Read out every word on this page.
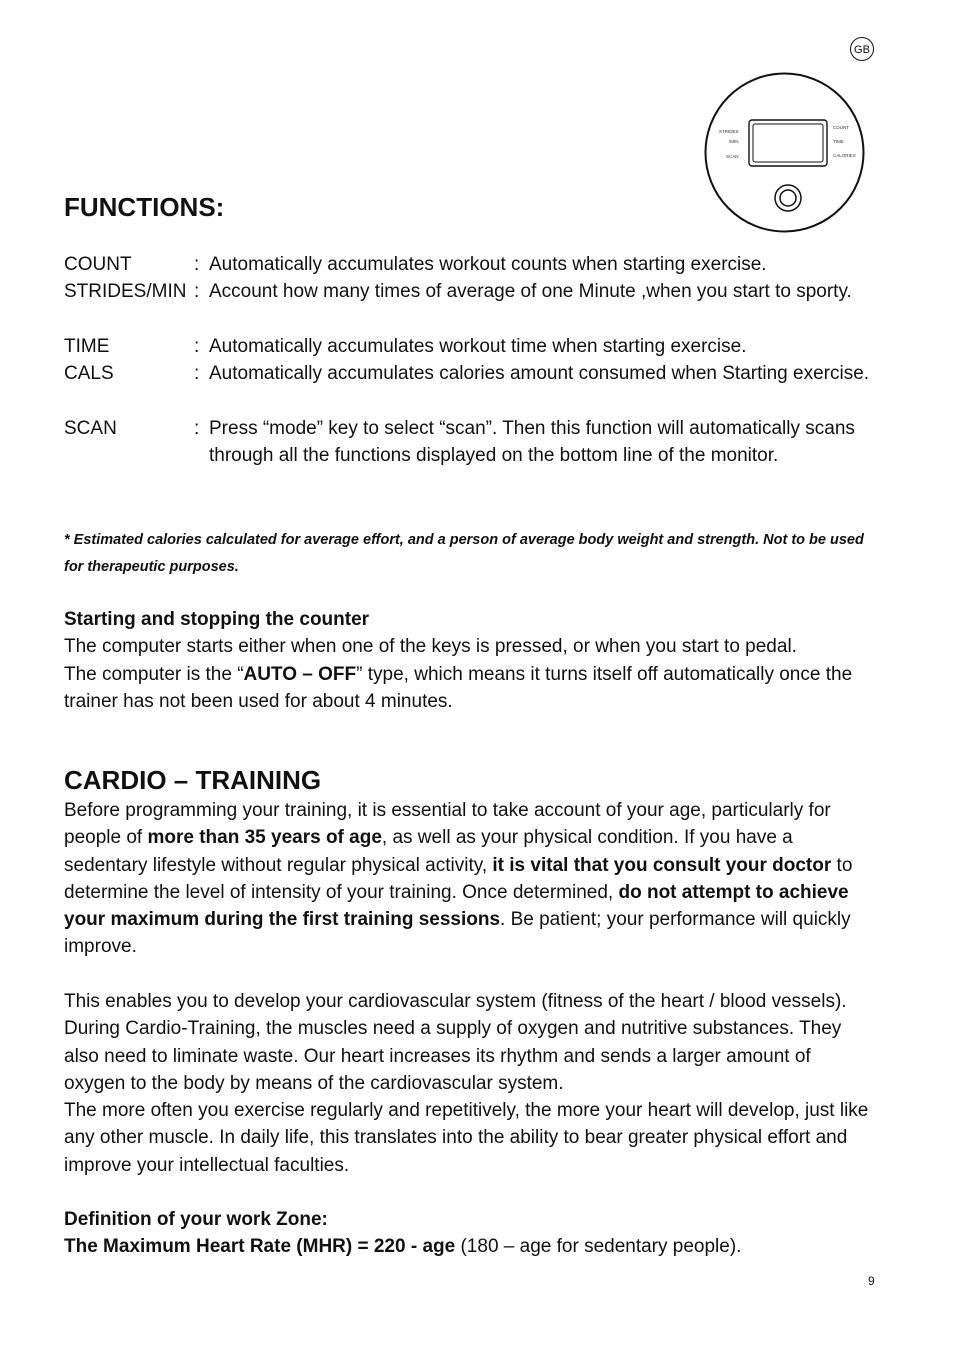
GB
STRIDES
/MIN
SCAN
COUNT
TIME
CALORIES
FUNCTIONS:
COUNT	: Automatically accumulates workout counts when starting exercise.
STRIDES/MIN : Account how many times of average of one Minute ,when you start to sporty.
TIME	: Automatically accumulates workout time when starting exercise.
CALS	: Automatically accumulates calories amount consumed when Starting exercise.
SCAN	: Press “mode” key to select “scan”. Then this function will automatically scans through all the functions displayed on the bottom line of the monitor.
* Estimated calories calculated for average effort, and a person of average body weight and strength. Not to be used for therapeutic purposes.
Starting and stopping the counter
The computer starts either when one of the keys is pressed, or when you start to pedal.
The computer is the “AUTO – OFF” type, which means it turns itself off automatically once the trainer has not been used for about 4 minutes.
CARDIO – TRAINING
Before programming your training, it is essential to take account of your age, particularly for people of more than 35 years of age, as well as your physical condition. If you have a sedentary lifestyle without regular physical activity, it is vital that you consult your doctor to determine the level of intensity of your training. Once determined, do not attempt to achieve your maximum during the first training sessions. Be patient; your performance will quickly improve.
This enables you to develop your cardiovascular system (fitness of the heart / blood vessels). During Cardio-Training, the muscles need a supply of oxygen and nutritive substances. They also need to liminate waste. Our heart increases its rhythm and sends a larger amount of oxygen to the body by means of the cardiovascular system.
The more often you exercise regularly and repetitively, the more your heart will develop, just like any other muscle. In daily life, this translates into the ability to bear greater physical effort and improve your intellectual faculties.
Definition of your work Zone:
The Maximum Heart Rate (MHR) = 220 - age (180 – age for sedentary people).
9
